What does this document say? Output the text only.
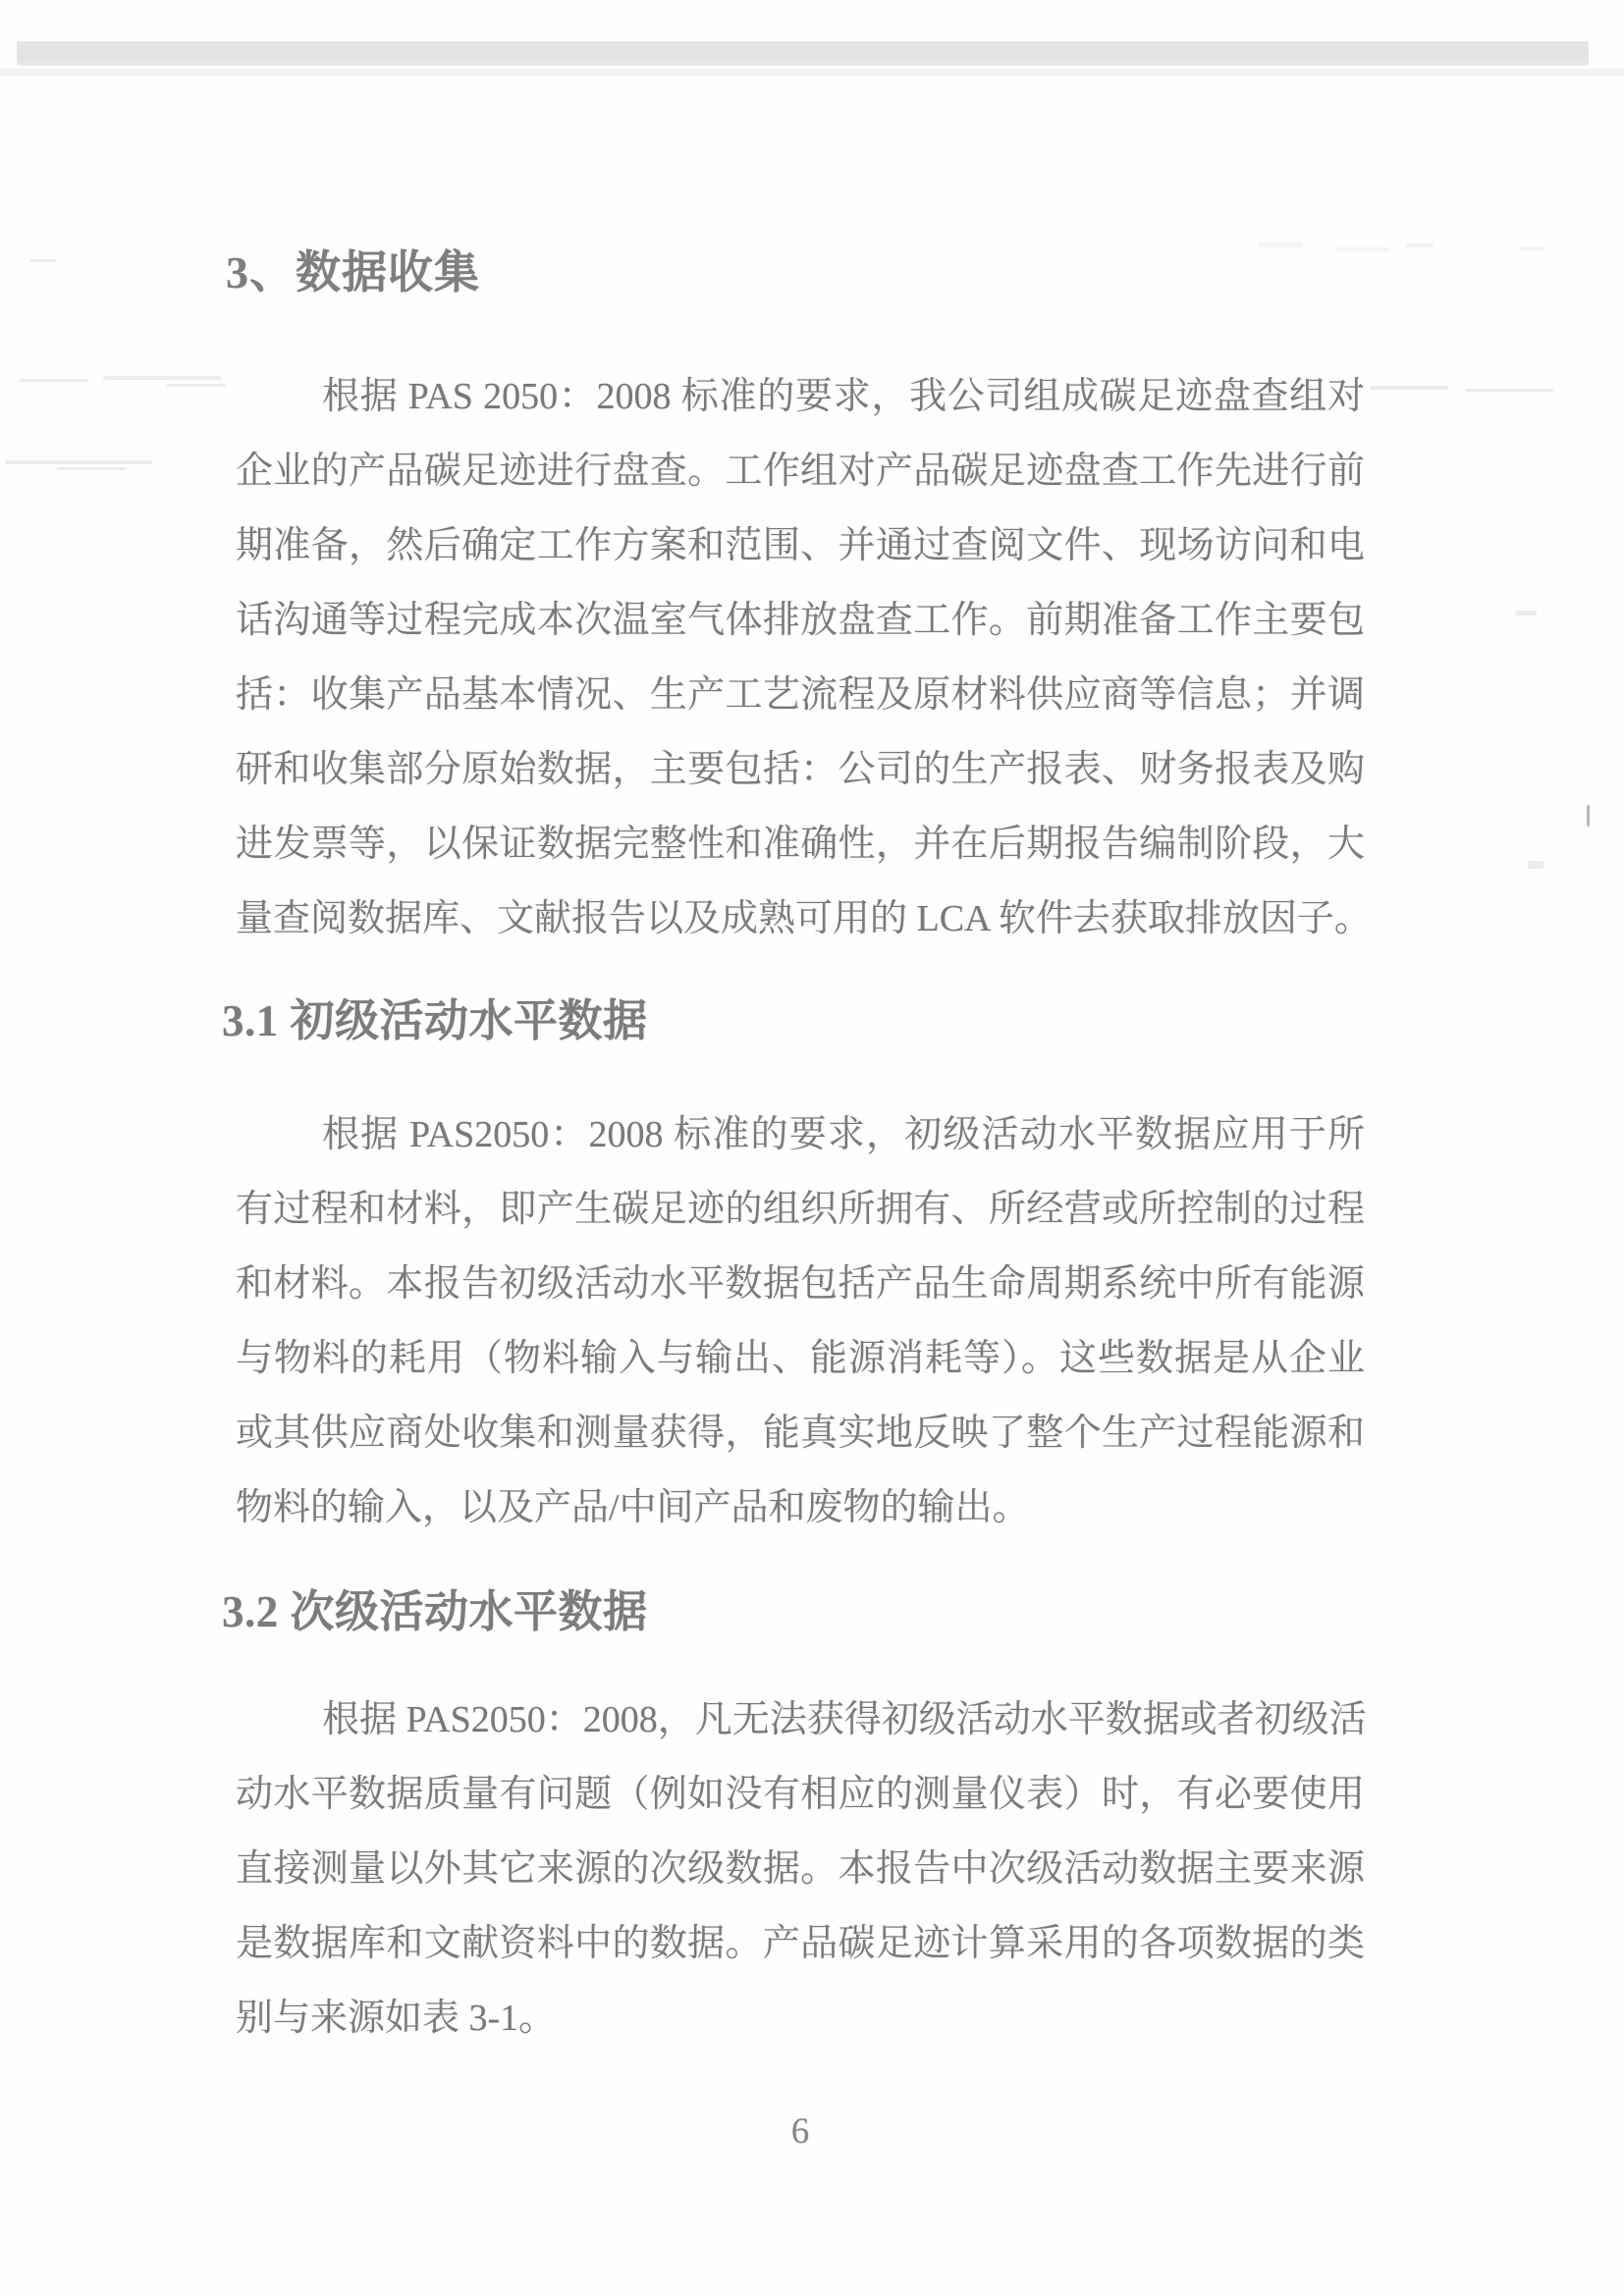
3、数据收集
根据 PAS 2050：2008 标准的要求，我公司组成碳足迹盘查组对
企业的产品碳足迹进行盘查。工作组对产品碳足迹盘查工作先进行前
期准备，然后确定工作方案和范围、并通过查阅文件、现场访问和电
话沟通等过程完成本次温室气体排放盘查工作。前期准备工作主要包
括：收集产品基本情况、生产工艺流程及原材料供应商等信息；并调
研和收集部分原始数据，主要包括：公司的生产报表、财务报表及购
进发票等，以保证数据完整性和准确性，并在后期报告编制阶段，大
量查阅数据库、文献报告以及成熟可用的 LCA 软件去获取排放因子。
3.1 初级活动水平数据
根据 PAS2050：2008 标准的要求，初级活动水平数据应用于所
有过程和材料，即产生碳足迹的组织所拥有、所经营或所控制的过程
和材料。本报告初级活动水平数据包括产品生命周期系统中所有能源
与物料的耗用（物料输入与输出、能源消耗等）。这些数据是从企业
或其供应商处收集和测量获得，能真实地反映了整个生产过程能源和
物料的输入，以及产品/中间产品和废物的输出。
3.2 次级活动水平数据
根据 PAS2050：2008，凡无法获得初级活动水平数据或者初级活
动水平数据质量有问题（例如没有相应的测量仪表）时，有必要使用
直接测量以外其它来源的次级数据。本报告中次级活动数据主要来源
是数据库和文献资料中的数据。产品碳足迹计算采用的各项数据的类
别与来源如表 3-1。
6
